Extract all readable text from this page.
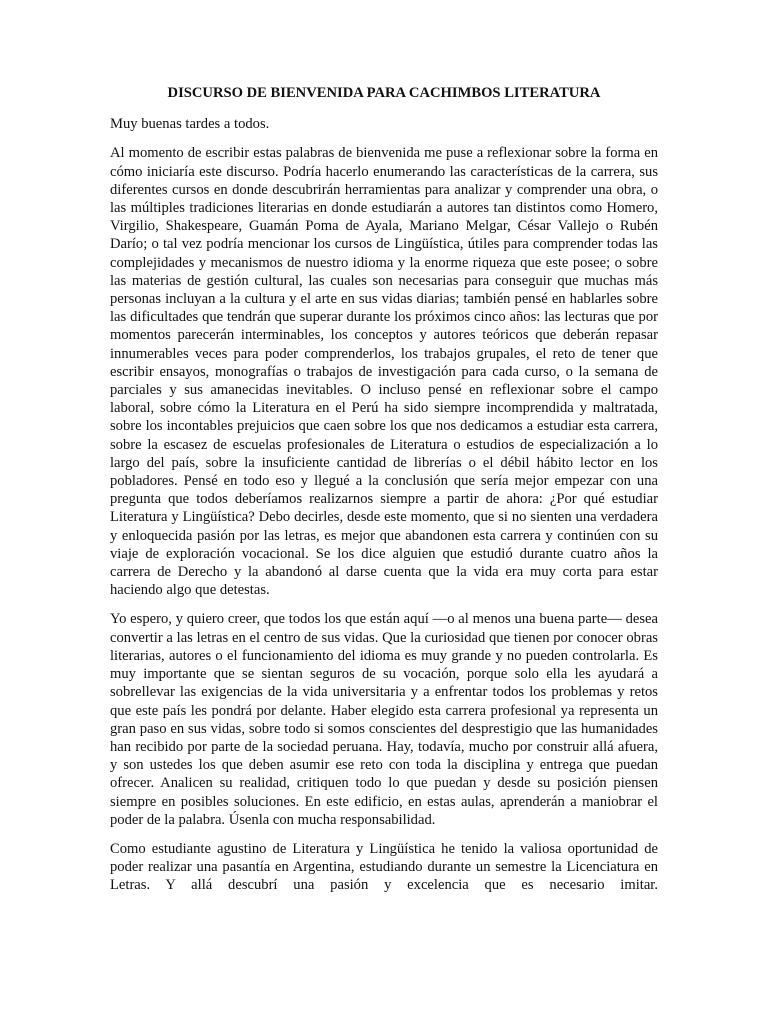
DISCURSO DE BIENVENIDA PARA CACHIMBOS LITERATURA

Muy buenas tardes a todos.

Al momento de escribir estas palabras de bienvenida me puse a reflexionar sobre la forma en cómo iniciaría este discurso. Podría hacerlo enumerando las características de la carrera, sus diferentes cursos en donde descubrirán herramientas para analizar y comprender una obra, o las múltiples tradiciones literarias en donde estudiarán a autores tan distintos como Homero, Virgilio, Shakespeare, Guamán Poma de Ayala, Mariano Melgar, César Vallejo o Rubén Darío; o tal vez podría mencionar los cursos de Lingüística, útiles para comprender todas las complejidades y mecanismos de nuestro idioma y la enorme riqueza que este posee; o sobre las materias de gestión cultural, las cuales son necesarias para conseguir que muchas más personas incluyan a la cultura y el arte en sus vidas diarias; también pensé en hablarles sobre las dificultades que tendrán que superar durante los próximos cinco años: las lecturas que por momentos parecerán interminables, los conceptos y autores teóricos que deberán repasar innumerables veces para poder comprenderlos, los trabajos grupales, el reto de tener que escribir ensayos, monografías o trabajos de investigación para cada curso, o la semana de parciales y sus amanecidas inevitables. O incluso pensé en reflexionar sobre el campo laboral, sobre cómo la Literatura en el Perú ha sido siempre incomprendida y maltratada, sobre los incontables prejuicios que caen sobre los que nos dedicamos a estudiar esta carrera, sobre la escasez de escuelas profesionales de Literatura o estudios de especialización a lo largo del país, sobre la insuficiente cantidad de librerías o el débil hábito lector en los pobladores. Pensé en todo eso y llegué a la conclusión que sería mejor empezar con una pregunta que todos deberíamos realizarnos siempre a partir de ahora: ¿Por qué estudiar Literatura y Lingüística? Debo decirles, desde este momento, que si no sienten una verdadera y enloquecida pasión por las letras, es mejor que abandonen esta carrera y continúen con su viaje de exploración vocacional. Se los dice alguien que estudió durante cuatro años la carrera de Derecho y la abandonó al darse cuenta que la vida era muy corta para estar haciendo algo que detestas.

Yo espero, y quiero creer, que todos los que están aquí —o al menos una buena parte— desea convertir a las letras en el centro de sus vidas. Que la curiosidad que tienen por conocer obras literarias, autores o el funcionamiento del idioma es muy grande y no pueden controlarla. Es muy importante que se sientan seguros de su vocación, porque solo ella les ayudará a sobrellevar las exigencias de la vida universitaria y a enfrentar todos los problemas y retos que este país les pondrá por delante. Haber elegido esta carrera profesional ya representa un gran paso en sus vidas, sobre todo si somos conscientes del desprestigio que las humanidades han recibido por parte de la sociedad peruana. Hay, todavía, mucho por construir allá afuera, y son ustedes los que deben asumir ese reto con toda la disciplina y entrega que puedan ofrecer. Analicen su realidad, critiquen todo lo que puedan y desde su posición piensen siempre en posibles soluciones. En este edificio, en estas aulas, aprenderán a maniobrar el poder de la palabra. Úsenla con mucha responsabilidad.

Como estudiante agustino de Literatura y Lingüística he tenido la valiosa oportunidad de poder realizar una pasantía en Argentina, estudiando durante un semestre la Licenciatura en Letras. Y allá descubrí una pasión y excelencia que es necesario imitar.
